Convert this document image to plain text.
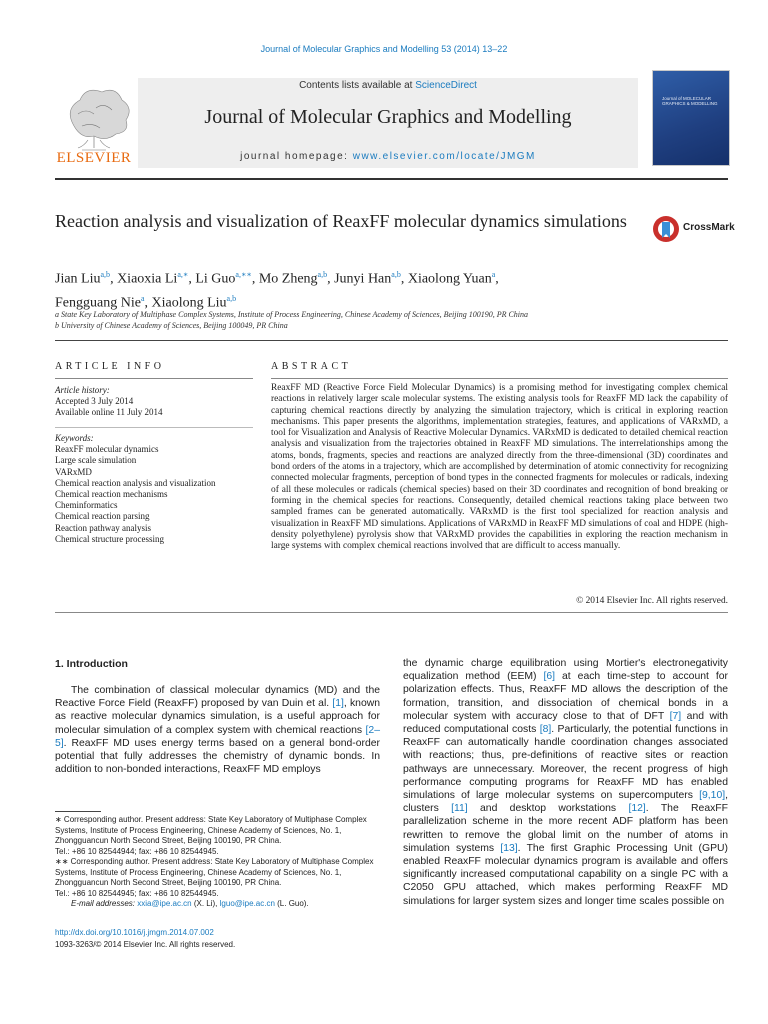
Journal of Molecular Graphics and Modelling 53 (2014) 13–22
ELSEVIER
Contents lists available at ScienceDirect
Journal of Molecular Graphics and Modelling
journal homepage: www.elsevier.com/locate/JMGM
Journal of MOLECULAR GRAPHICS & MODELLING
Reaction analysis and visualization of ReaxFF molecular dynamics simulations	CrossMark
Jian Liu$^{a,b}$, Xiaoxia $Li^{a,∗}$, Li Guo$^{a,∗∗}$, Mo Zheng$^{a,b}$, Junyi Han$^{a,b}$, Xiaolong Yuan$^a$,
Fengguang Nie$^a$, Xiaolong Liu$^{a,b}$
a State Key Laboratory of Multiphase Complex Systems, Institute of Process Engineering, Chinese Academy of Sciences, Beijing 100190, PR China
b University of Chinese Academy of Sciences, Beijing 100049, PR China
ARTICLE INFO
Article history:
Accepted 3 July 2014
Available online 11 July 2014
Keywords:
ReaxFF molecular dynamics
Large scale simulation
VARxMD
Chemical reaction analysis and visualization
Chemical reaction mechanisms
Cheminformatics
Chemical reaction parsing
Reaction pathway analysis
Chemical structure processing
ABSTRACT
ReaxFF MD (Reactive Force Field Molecular Dynamics) is a promising method for investigating complex chemical reactions in relatively larger scale molecular systems. The existing analysis tools for ReaxFF MD lack the capability of capturing chemical reactions directly by analyzing the simulation trajectory, which is critical in exploring reaction mechanisms. This paper presents the algorithms, implementation strategies, features, and applications of VARxMD, a tool for Visualization and Analysis of Reactive Molecular Dynamics. VARxMD is dedicated to detailed chemical reaction analysis and visualization from the trajectories obtained in ReaxFF MD simulations. The interrelationships among the atoms, bonds, fragments, species and reactions are analyzed directly from the three-dimensional (3D) coordinates and bond orders of the atoms in a trajectory, which are accomplished by determination of atomic connectivity for recognizing connected molecular fragments, perception of bond types in the connected fragments for molecules or radicals, indexing of all these molecules or radicals (chemical species) based on their 3D coordinates and recognition of bond breaking or forming in the chemical species for reactions. Consequently, detailed chemical reactions taking place between two sampled frames can be generated automatically. VARxMD is the first tool specialized for reaction analysis and visualization in ReaxFF MD simulations. Applications of VARxMD in ReaxFF MD simulations of coal and HDPE (high-density polyethylene) pyrolysis show that VARxMD provides the capabilities in exploring the reaction mechanism in large systems with complex chemical reactions involved that are difficult to access manually.
© 2014 Elsevier Inc. All rights reserved.
1. Introduction
The combination of classical molecular dynamics (MD) and the Reactive Force Field (ReaxFF) proposed by van Duin et al. [1], known as reactive molecular dynamics simulation, is a useful approach for molecular simulation of a complex system with chemical reactions [2–5]. ReaxFF MD uses energy terms based on a general bond-order potential that fully addresses the chemistry of dynamic bonds. In addition to non-bonded interactions, ReaxFF MD employs
the dynamic charge equilibration using Mortier's electronegativity equalization method (EEM) [6] at each time-step to account for polarization effects. Thus, ReaxFF MD allows the description of the formation, transition, and dissociation of chemical bonds in a molecular system with accuracy close to that of DFT [7] and with reduced computational costs [8]. Particularly, the potential functions in ReaxFF can automatically handle coordination changes associated with reactions; thus, pre-definitions of reactive sites or reaction pathways are unnecessary. Moreover, the recent progress of high performance computing programs for ReaxFF MD has enabled simulations of large molecular systems on supercomputers [9,10], clusters [11] and desktop workstations [12]. The ReaxFF parallelization scheme in the more recent ADF platform has been rewritten to remove the global limit on the number of atoms in simulation systems [13]. The first Graphic Processing Unit (GPU) enabled ReaxFF molecular dynamics program is available and offers significantly increased computational capability on a single PC with a C2050 GPU attached, which makes performing ReaxFF MD simulations for larger system sizes and longer time scales possible on
∗ Corresponding author. Present address: State Key Laboratory of Multiphase Complex Systems, Institute of Process Engineering, Chinese Academy of Sciences, No. 1, Zhongguancun North Second Street, Beijing 100190, PR China.
Tel.: +86 10 82544944; fax: +86 10 82544945.
∗∗ Corresponding author. Present address: State Key Laboratory of Multiphase Complex Systems, Institute of Process Engineering, Chinese Academy of Sciences, No. 1, Zhongguancun North Second Street, Beijing 100190, PR China.
Tel.: +86 10 82544945; fax: +86 10 82544945.
E-mail addresses: xxia@ipe.ac.cn (X. Li), lguo@ipe.ac.cn (L. Guo).
http://dx.doi.org/10.1016/j.jmgm.2014.07.002
1093-3263/© 2014 Elsevier Inc. All rights reserved.
